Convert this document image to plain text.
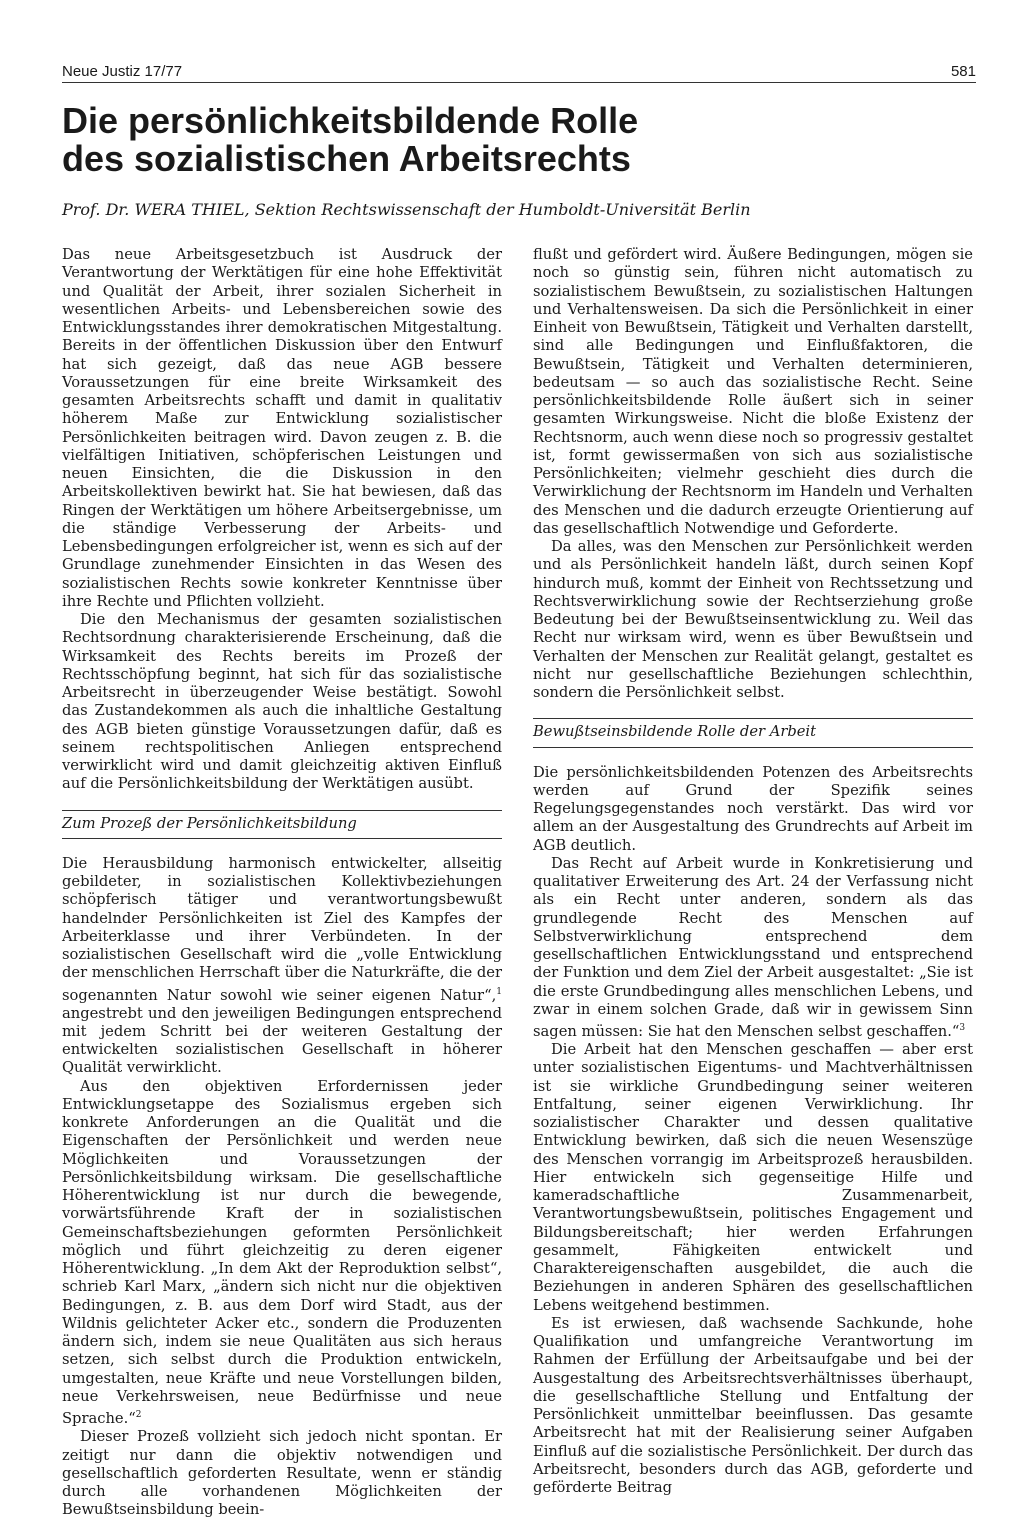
Neue Justiz 17/77	581
Die persönlichkeitsbildende Rolle
des sozialistischen Arbeitsrechts
Prof. Dr. WERA THIEL, Sektion Rechtswissenschaft der Humboldt-Universität Berlin

Das neue Arbeitsgesetzbuch ist Ausdruck der Verantwortung der Werktätigen für eine hohe Effektivität und Qualität der Arbeit, ihrer sozialen Sicherheit in wesentlichen Arbeits- und Lebensbereichen sowie des Entwicklungsstandes ihrer demokratischen Mitgestaltung. Bereits in der öffentlichen Diskussion über den Entwurf hat sich gezeigt, daß das neue AGB bessere Voraussetzungen für eine breite Wirksamkeit des gesamten Arbeitsrechts schafft und damit in qualitativ höherem Maße zur Entwicklung sozialistischer Persönlichkeiten beitragen wird. Davon zeugen z. B. die vielfältigen Initiativen, schöpferischen Leistungen und neuen Einsichten, die die Diskussion in den Arbeitskollektiven bewirkt hat. Sie hat bewiesen, daß das Ringen der Werktätigen um höhere Arbeitsergebnisse, um die ständige Verbesserung der Arbeits- und Lebensbedingungen erfolgreicher ist, wenn es sich auf der Grundlage zunehmender Einsichten in das Wesen des sozialistischen Rechts sowie konkreter Kenntnisse über ihre Rechte und Pflichten vollzieht.

Die den Mechanismus der gesamten sozialistischen Rechtsordnung charakterisierende Erscheinung, daß die Wirksamkeit des Rechts bereits im Prozeß der Rechtsschöpfung beginnt, hat sich für das sozialistische Arbeitsrecht in überzeugender Weise bestätigt. Sowohl das Zustandekommen als auch die inhaltliche Gestaltung des AGB bieten günstige Voraussetzungen dafür, daß es seinem rechtspolitischen Anliegen entsprechend verwirklicht wird und damit gleichzeitig aktiven Einfluß auf die Persönlichkeitsbildung der Werktätigen ausübt.

Zum Prozeß der Persönlichkeitsbildung

Die Herausbildung harmonisch entwickelter, allseitig gebildeter, in sozialistischen Kollektivbeziehungen schöpferisch tätiger und verantwortungsbewußt handelnder Persönlichkeiten ist Ziel des Kampfes der Arbeiterklasse und ihrer Verbündeten. In der sozialistischen Gesellschaft wird die „volle Entwicklung der menschlichen Herrschaft über die Naturkräfte, die der sogenannten Natur sowohl wie seiner eigenen Natur“,$^1$ angestrebt und den jeweiligen Bedingungen entsprechend mit jedem Schritt bei der weiteren Gestaltung der entwickelten sozialistischen Gesellschaft in höherer Qualität verwirklicht.

Aus den objektiven Erfordernissen jeder Entwicklungsetappe des Sozialismus ergeben sich konkrete Anforderungen an die Qualität und die Eigenschaften der Persönlichkeit und werden neue Möglichkeiten und Voraussetzungen der Persönlichkeitsbildung wirksam. Die gesellschaftliche Höherentwicklung ist nur durch die bewegende, vorwärtsführende Kraft der in sozialistischen Gemeinschaftsbeziehungen geformten Persönlichkeit möglich und führt gleichzeitig zu deren eigener Höherentwicklung. „In dem Akt der Reproduktion selbst“, schrieb Karl Marx, „ändern sich nicht nur die objektiven Bedingungen, z. B. aus dem Dorf wird Stadt, aus der Wildnis gelichteter Acker etc., sondern die Produzenten ändern sich, indem sie neue Qualitäten aus sich heraus setzen, sich selbst durch die Produktion entwickeln, umgestalten, neue Kräfte und neue Vorstellungen bilden, neue Verkehrsweisen, neue Bedürfnisse und neue Sprache.“$^2$

Dieser Prozeß vollzieht sich jedoch nicht spontan. Er zeitigt nur dann die objektiv notwendigen und gesellschaftlich geforderten Resultate, wenn er ständig durch alle vorhandenen Möglichkeiten der Bewußtseinsbildung beein-

flußt und gefördert wird. Äußere Bedingungen, mögen sie noch so günstig sein, führen nicht automatisch zu sozialistischem Bewußtsein, zu sozialistischen Haltungen und Verhaltensweisen. Da sich die Persönlichkeit in einer Einheit von Bewußtsein, Tätigkeit und Verhalten darstellt, sind alle Bedingungen und Einflußfaktoren, die Bewußtsein, Tätigkeit und Verhalten determinieren, bedeutsam — so auch das sozialistische Recht. Seine persönlichkeitsbildende Rolle äußert sich in seiner gesamten Wirkungsweise. Nicht die bloße Existenz der Rechtsnorm, auch wenn diese noch so progressiv gestaltet ist, formt gewissermaßen von sich aus sozialistische Persönlichkeiten; vielmehr geschieht dies durch die Verwirklichung der Rechtsnorm im Handeln und Verhalten des Menschen und die dadurch erzeugte Orientierung auf das gesellschaftlich Notwendige und Geforderte.

Da alles, was den Menschen zur Persönlichkeit werden und als Persönlichkeit handeln läßt, durch seinen Kopf hindurch muß, kommt der Einheit von Rechtssetzung und Rechtsverwirklichung sowie der Rechtserziehung große Bedeutung bei der Bewußtseinsentwicklung zu. Weil das Recht nur wirksam wird, wenn es über Bewußtsein und Verhalten der Menschen zur Realität gelangt, gestaltet es nicht nur gesellschaftliche Beziehungen schlechthin, sondern die Persönlichkeit selbst.

Bewußtseinsbildende Rolle der Arbeit

Die persönlichkeitsbildenden Potenzen des Arbeitsrechts werden auf Grund der Spezifik seines Regelungsgegenstandes noch verstärkt. Das wird vor allem an der Ausgestaltung des Grundrechts auf Arbeit im AGB deutlich.

Das Recht auf Arbeit wurde in Konkretisierung und qualitativer Erweiterung des Art. 24 der Verfassung nicht als ein Recht unter anderen, sondern als das grundlegende Recht des Menschen auf Selbstverwirklichung entsprechend dem gesellschaftlichen Entwicklungsstand und entsprechend der Funktion und dem Ziel der Arbeit ausgestaltet: „Sie ist die erste Grundbedingung alles menschlichen Lebens, und zwar in einem solchen Grade, daß wir in gewissem Sinn sagen müssen: Sie hat den Menschen selbst geschaffen.“$^3$

Die Arbeit hat den Menschen geschaffen — aber erst unter sozialistischen Eigentums- und Machtverhältnissen ist sie wirkliche Grundbedingung seiner weiteren Entfaltung, seiner eigenen Verwirklichung. Ihr sozialistischer Charakter und dessen qualitative Entwicklung bewirken, daß sich die neuen Wesenszüge des Menschen vorrangig im Arbeitsprozeß herausbilden. Hier entwickeln sich gegenseitige Hilfe und kameradschaftliche Zusammenarbeit, Verantwortungsbewußtsein, politisches Engagement und Bildungsbereitschaft; hier werden Erfahrungen gesammelt, Fähigkeiten entwickelt und Charaktereigenschaften ausgebildet, die auch die Beziehungen in anderen Sphären des gesellschaftlichen Lebens weitgehend bestimmen.

Es ist erwiesen, daß wachsende Sachkunde, hohe Qualifikation und umfangreiche Verantwortung im Rahmen der Erfüllung der Arbeitsaufgabe und bei der Ausgestaltung des Arbeitsrechtsverhältnisses überhaupt, die gesellschaftliche Stellung und Entfaltung der Persönlichkeit unmittelbar beeinflussen. Das gesamte Arbeitsrecht hat mit der Realisierung seiner Aufgaben Einfluß auf die sozialistische Persönlichkeit. Der durch das Arbeitsrecht, besonders durch das AGB, geforderte und geförderte Beitrag
